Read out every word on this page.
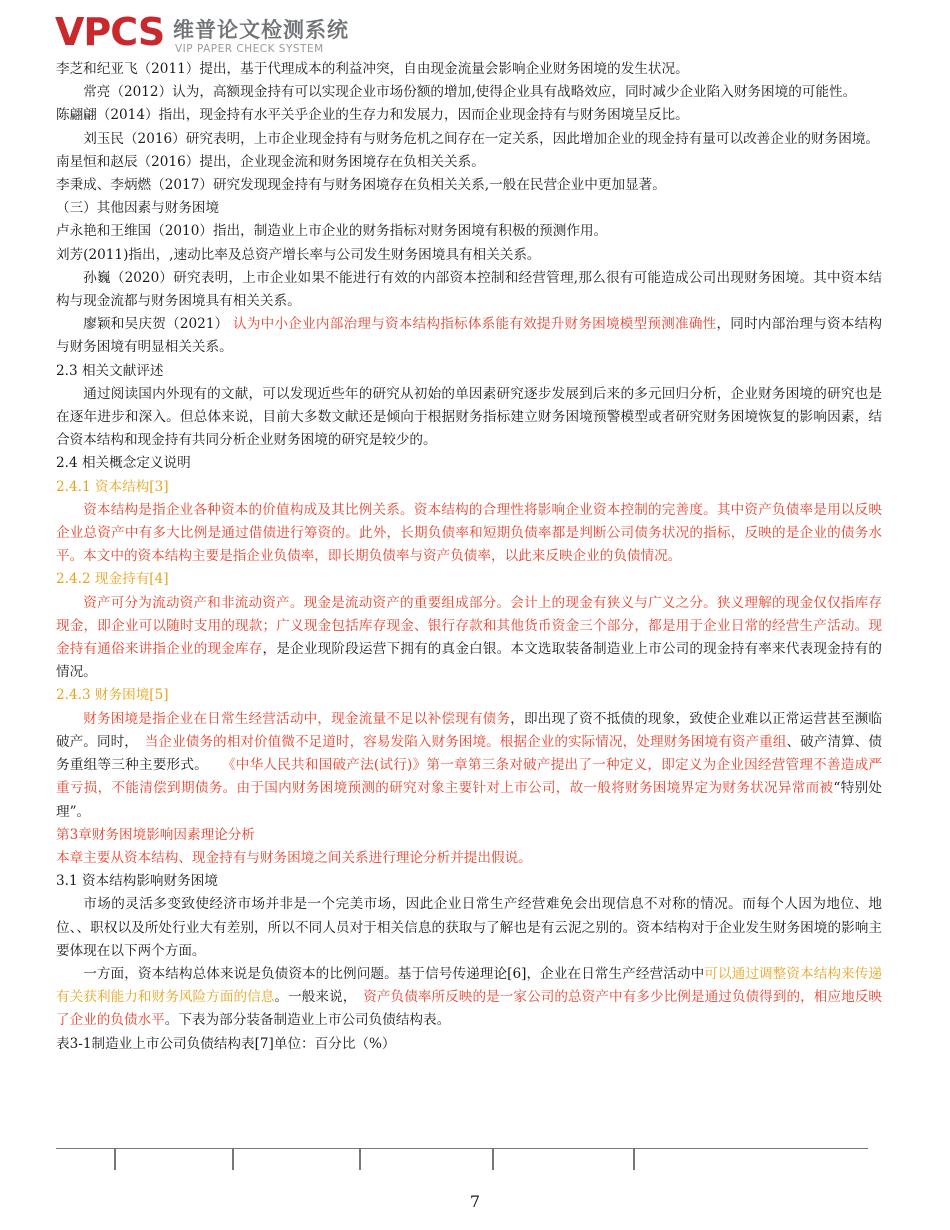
VPCS 维普论文检测系统
VIP PAPER CHECK SYSTEM

李芝和纪亚飞（2011）提出，基于代理成本的利益冲突，自由现金流量会影响企业财务困境的发生状况。

常亮（2012）认为，高额现金持有可以实现企业市场份额的增加,使得企业具有战略效应，同时减少企业陷入财务困境的可能性。

陈翩翩（2014）指出，现金持有水平关乎企业的生存力和发展力，因而企业现金持有与财务困境呈反比。

刘玉民（2016）研究表明，上市企业现金持有与财务危机之间存在一定关系，因此增加企业的现金持有量可以改善企业的财务困境。

南星恒和赵辰（2016）提出，企业现金流和财务困境存在负相关关系。

李秉成、李炳燃（2017）研究发现现金持有与财务困境存在负相关关系,一般在民营企业中更加显著。

（三）其他因素与财务困境

卢永艳和王维国（2010）指出，制造业上市企业的财务指标对财务困境有积极的预测作用。

刘芳(2011)指出，,速动比率及总资产增长率与公司发生财务困境具有相关关系。

孙巍（2020）研究表明，上市企业如果不能进行有效的内部资本控制和经营管理,那么很有可能造成公司出现财务困境。其中资本结构与现金流都与财务困境具有相关关系。

廖颖和吴庆贺（2021） 认为中小企业内部治理与资本结构指标体系能有效提升财务困境模型预测准确性，同时内部治理与资本结构与财务困境有明显相关关系。

2.3 相关文献评述

通过阅读国内外现有的文献，可以发现近些年的研究从初始的单因素研究逐步发展到后来的多元回归分析，企业财务困境的研究也是在逐年进步和深入。但总体来说，目前大多数文献还是倾向于根据财务指标建立财务困境预警模型或者研究财务困境恢复的影响因素，结合资本结构和现金持有共同分析企业财务困境的研究是较少的。

2.4 相关概念定义说明

2.4.1 资本结构[3]

资本结构是指企业各种资本的价值构成及其比例关系。资本结构的合理性将影响企业资本控制的完善度。其中资产负债率是用以反映企业总资产中有多大比例是通过借债进行筹资的。此外，长期负债率和短期负债率都是判断公司债务状况的指标，反映的是企业的债务水平。本文中的资本结构主要是指企业负债率，即长期负债率与资产负债率，以此来反映企业的负债情况。

2.4.2 现金持有[4]

资产可分为流动资产和非流动资产。现金是流动资产的重要组成部分。会计上的现金有狭义与广义之分。狭义理解的现金仅仅指库存现金，即企业可以随时支用的现款；广义现金包括库存现金、银行存款和其他货币资金三个部分，都是用于企业日常的经营生产活动。现金持有通俗来讲指企业的现金库存，是企业现阶段运营下拥有的真金白银。本文选取装备制造业上市公司的现金持有率来代表现金持有的情况。

2.4.3 财务困境[5]

财务困境是指企业在日常生经营活动中，现金流量不足以补偿现有债务，即出现了资不抵债的现象，致使企业难以正常运营甚至濒临破产。同时，　当企业债务的相对价值微不足道时，容易发陷入财务困境。根据企业的实际情况，处理财务困境有资产重组、破产清算、债务重组等三种主要形式。　　《中华人民共和国破产法(试行)》第一章第三条对破产提出了一种定义，即定义为企业因经营管理不善造成严重亏损，不能清偿到期债务。由于国内财务困境预测的研究对象主要针对上市公司，故一般将财务困境界定为财务状况异常而被“特别处理”。

第3章财务困境影响因素理论分析

本章主要从资本结构、现金持有与财务困境之间关系进行理论分析并提出假说。

3.1 资本结构影响财务困境

市场的灵活多变致使经济市场并非是一个完美市场，因此企业日常生产经营难免会出现信息不对称的情况。而每个人因为地位、地位、、职权以及所处行业大有差别，所以不同人员对于相关信息的获取与了解也是有云泥之别的。资本结构对于企业发生财务困境的影响主要体现在以下两个方面。

一方面，资本结构总体来说是负债资本的比例问题。基于信号传递理论[6]，企业在日常生产经营活动中可以通过调整资本结构来传递有关获利能力和财务风险方面的信息。一般来说，　资产负债率所反映的是一家公司的总资产中有多少比例是通过负债得到的，相应地反映了企业的负债水平。下表为部分装备制造业上市公司负债结构表。

表3-1制造业上市公司负债结构表[7]单位：百分比（%）

7
